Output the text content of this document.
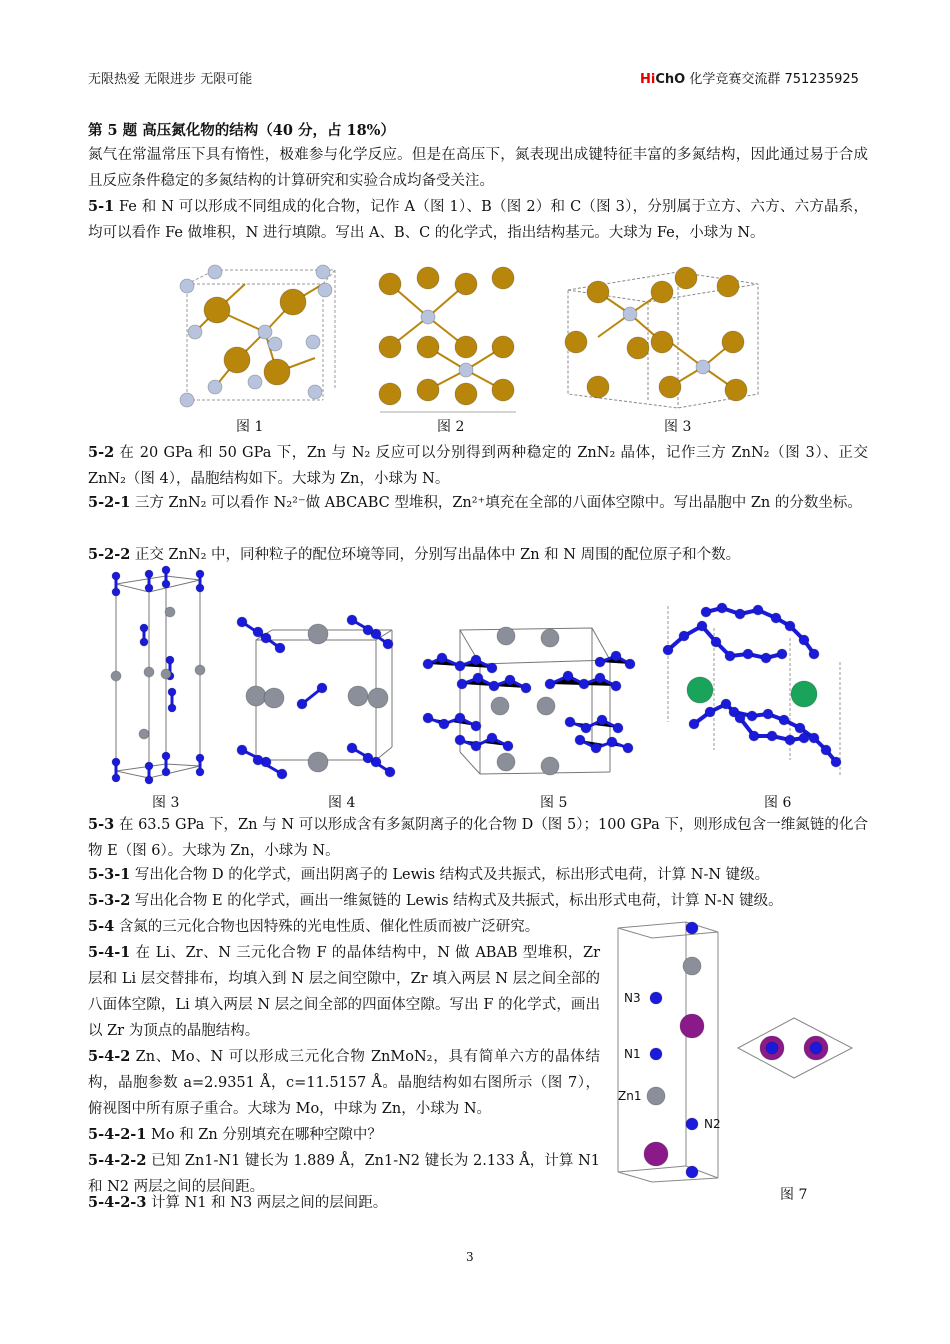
无限热爱 无限进步 无限可能	HiChO 化学竞赛交流群 751235925

第 5 题 高压氮化物的结构（40 分，占 18%）

氮气在常温常压下具有惰性，极难参与化学反应。但是在高压下，氮表现出成键特征丰富的多氮结构，因此通过易于合成且反应条件稳定的多氮结构的计算研究和实验合成均备受关注。

5-1 Fe 和 N 可以形成不同组成的化合物，记作 A（图 1）、B（图 2）和 C（图 3），分别属于立方、六方、六方晶系，均可以看作 Fe 做堆积，N 进行填隙。写出 A、B、C 的化学式，指出结构基元。大球为 Fe，小球为 N。

图 1	图 2	图 3

5-2 在 20 GPa 和 50 GPa 下，Zn 与 N₂ 反应可以分别得到两种稳定的 ZnN₂ 晶体，记作三方 ZnN₂（图 3）、正交 ZnN₂（图 4），晶胞结构如下。大球为 Zn，小球为 N。

5-2-1 三方 ZnN₂ 可以看作 N₂²⁻做 ABCABC 型堆积，Zn²⁺填充在全部的八面体空隙中。写出晶胞中 Zn 的分数坐标。

5-2-2 正交 ZnN₂ 中，同种粒子的配位环境等同，分别写出晶体中 Zn 和 N 周围的配位原子和个数。

图 3	图 4	图 5	图 6

5-3 在 63.5 GPa 下，Zn 与 N 可以形成含有多氮阴离子的化合物 D（图 5）；100 GPa 下，则形成包含一维氮链的化合物 E（图 6）。大球为 Zn，小球为 N。

5-3-1 写出化合物 D 的化学式，画出阴离子的 Lewis 结构式及共振式，标出形式电荷，计算 N-N 键级。

5-3-2 写出化合物 E 的化学式，画出一维氮链的 Lewis 结构式及共振式，标出形式电荷，计算 N-N 键级。

5-4 含氮的三元化合物也因特殊的光电性质、催化性质而被广泛研究。

5-4-1 在 Li、Zr、N 三元化合物 F 的晶体结构中，N 做 ABAB 型堆积，Zr 层和 Li 层交替排布，均填入到 N 层之间空隙中，Zr 填入两层 N 层之间全部的八面体空隙，Li 填入两层 N 层之间全部的四面体空隙。写出 F 的化学式，画出以 Zr 为顶点的晶胞结构。

5-4-2 Zn、Mo、N 可以形成三元化合物 ZnMoN₂，具有简单六方的晶体结构，晶胞参数 a=2.9351 Å，c=11.5157 Å。晶胞结构如右图所示（图 7），俯视图中所有原子重合。大球为 Mo，中球为 Zn，小球为 N。

5-4-2-1 Mo 和 Zn 分别填充在哪种空隙中？

5-4-2-2 已知 Zn1-N1 键长为 1.889 Å，Zn1-N2 键长为 2.133 Å，计算 N1 和 N2 两层之间的层间距。

5-4-2-3 计算 N1 和 N3 两层之间的层间距。

N3
N1
Zn1
N2
图 7
3
